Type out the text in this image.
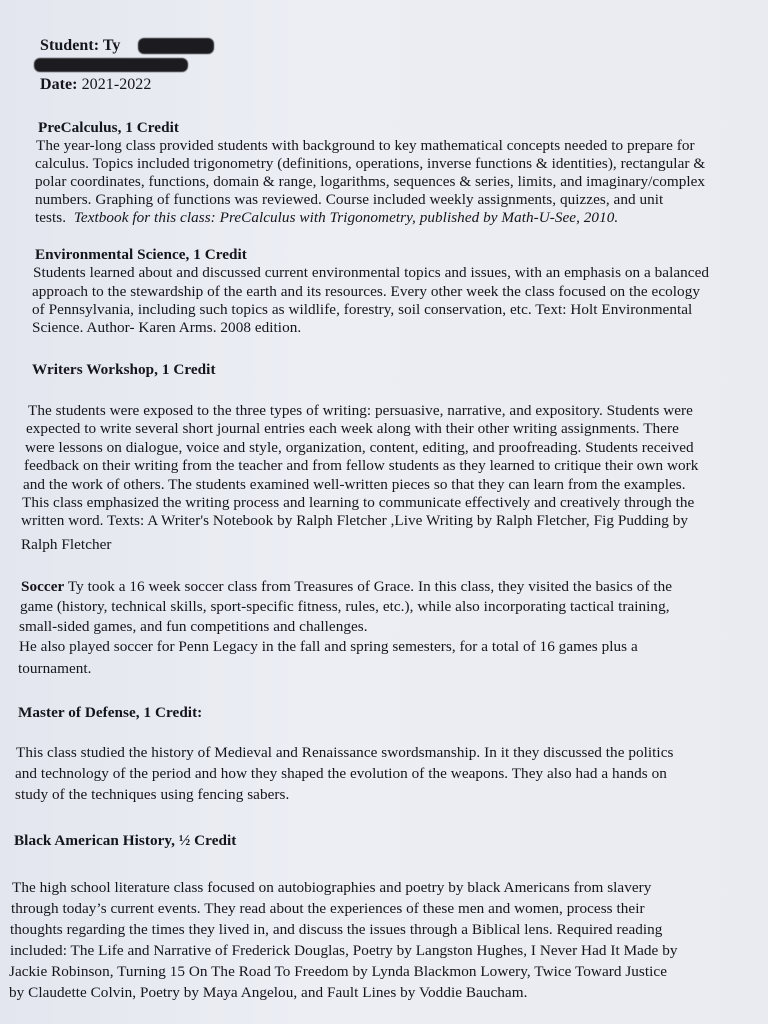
Student: Ty
Date: 2021-2022
PreCalculus, 1 Credit
The year-long class provided students with background to key mathematical concepts needed to prepare for
calculus. Topics included trigonometry (definitions, operations, inverse functions & identities), rectangular &
polar coordinates, functions, domain & range, logarithms, sequences & series, limits, and imaginary/complex
numbers. Graphing of functions was reviewed. Course included weekly assignments, quizzes, and unit
tests. Textbook for this class: PreCalculus with Trigonometry, published by Math-U-See, 2010.
Environmental Science, 1 Credit
Students learned about and discussed current environmental topics and issues, with an emphasis on a balanced
approach to the stewardship of the earth and its resources. Every other week the class focused on the ecology
of Pennsylvania, including such topics as wildlife, forestry, soil conservation, etc. Text: Holt Environmental
Science. Author- Karen Arms. 2008 edition.
Writers Workshop, 1 Credit
The students were exposed to the three types of writing: persuasive, narrative, and expository. Students were
expected to write several short journal entries each week along with their other writing assignments. There
were lessons on dialogue, voice and style, organization, content, editing, and proofreading. Students received
feedback on their writing from the teacher and from fellow students as they learned to critique their own work
and the work of others. The students examined well-written pieces so that they can learn from the examples.
This class emphasized the writing process and learning to communicate effectively and creatively through the
written word. Texts: A Writer's Notebook by Ralph Fletcher ,Live Writing by Ralph Fletcher, Fig Pudding by
Ralph Fletcher
Soccer Ty took a 16 week soccer class from Treasures of Grace. In this class, they visited the basics of the
game (history, technical skills, sport-specific fitness, rules, etc.), while also incorporating tactical training,
small-sided games, and fun competitions and challenges.
He also played soccer for Penn Legacy in the fall and spring semesters, for a total of 16 games plus a
tournament.
Master of Defense, 1 Credit:
This class studied the history of Medieval and Renaissance swordsmanship. In it they discussed the politics
and technology of the period and how they shaped the evolution of the weapons. They also had a hands on
study of the techniques using fencing sabers.
Black American History, ½ Credit
The high school literature class focused on autobiographies and poetry by black Americans from slavery
through today’s current events. They read about the experiences of these men and women, process their
thoughts regarding the times they lived in, and discuss the issues through a Biblical lens. Required reading
included: The Life and Narrative of Frederick Douglas, Poetry by Langston Hughes, I Never Had It Made by
Jackie Robinson, Turning 15 On The Road To Freedom by Lynda Blackmon Lowery, Twice Toward Justice
by Claudette Colvin, Poetry by Maya Angelou, and Fault Lines by Voddie Baucham.
